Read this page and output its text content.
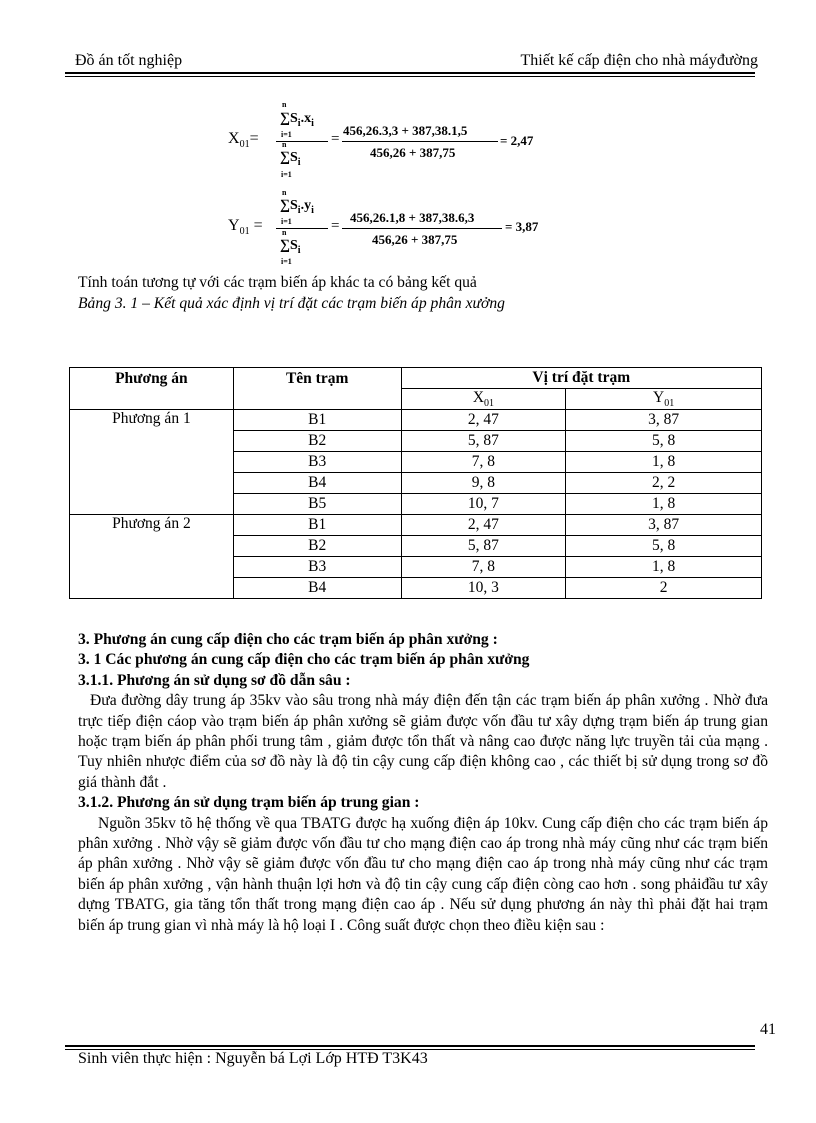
Đồ án tốt nghiệp	Thiết kế cấp điện cho nhà máyđường
$X_{01}=$
n
$\sum S_i.x_i$
i=1
n
$\sum S_i$
i=1
=
456,26.3,3 + 387,38.1,5
456,26 + 387,75
= 2,47
$Y_{01}$ =
n
$\sum S_i.y_i$
i=1
n
$\sum S_i$
i=1
=
456,26.1,8 + 387,38.6,3
456,26 + 387,75
= 3,87
Tính toán tương tự với các trạm biến áp khác ta có bảng kết quả
Bảng 3. 1 – Kết quả xác định vị trí đặt các trạm biến áp phân xưởng
Phương án	Tên trạm	Vị trí đặt trạm	
		$X_{01}$	$Y_{01}$
Phương án 1	B1	2, 47	3, 87
	B2	5, 87	5, 8
	B3	7, 8	1, 8
	B4	9, 8	2, 2
	B5	10, 7	1, 8
Phương án 2	B1	2, 47	3, 87
	B2	5, 87	5, 8
	B3	7, 8	1, 8
	B4	10, 3	2

3. Phương án cung cấp điện cho các trạm biến áp phân xưởng :

3. 1 Các phương án cung cấp điện cho các trạm biến áp phân xưởng

3.1.1. Phương án sử dụng sơ đồ dẫn sâu :

Đưa đường dây trung áp 35kv vào sâu trong nhà máy điện đến tận các trạm biến áp phân xưởng . Nhờ đưa trực tiếp điện cáop vào trạm biến áp phân xưởng sẽ giảm được vốn đầu tư xây dựng trạm biến áp trung gian hoặc trạm biến áp phân phối trung tâm , giảm được tổn thất và nâng cao được năng lực truyền tải của mạng . Tuy nhiên nhược điểm của sơ đồ này là độ tin cậy cung cấp điện không cao , các thiết bị sử dụng trong sơ đồ giá thành đắt .

3.1.2. Phương án sử dụng trạm biến áp trung gian :

Nguồn 35kv tõ hệ thống về qua TBATG được hạ xuống điện áp 10kv. Cung cấp điện cho các trạm biến áp phân xưởng . Nhờ vậy sẽ giảm được vốn đầu tư cho mạng điện cao áp trong nhà máy cũng như các trạm biến áp phân xưởng . Nhờ vậy sẽ giảm được vốn đầu tư cho mạng điện cao áp trong nhà máy cũng như các trạm biến áp phân xưởng , vận hành thuận lợi hơn và độ tin cậy cung cấp điện còng cao hơn . song phảiđầu tư xây dựng TBATG, gia tăng tổn thất trong mạng điện cao áp . Nếu sử dụng phương án này thì phải đặt hai trạm biến áp trung gian vì nhà máy là hộ loại I . Công suất được chọn theo điều kiện sau :

41
Sinh viên thực hiện : Nguyễn bá Lợi Lớp HTĐ T3K43
